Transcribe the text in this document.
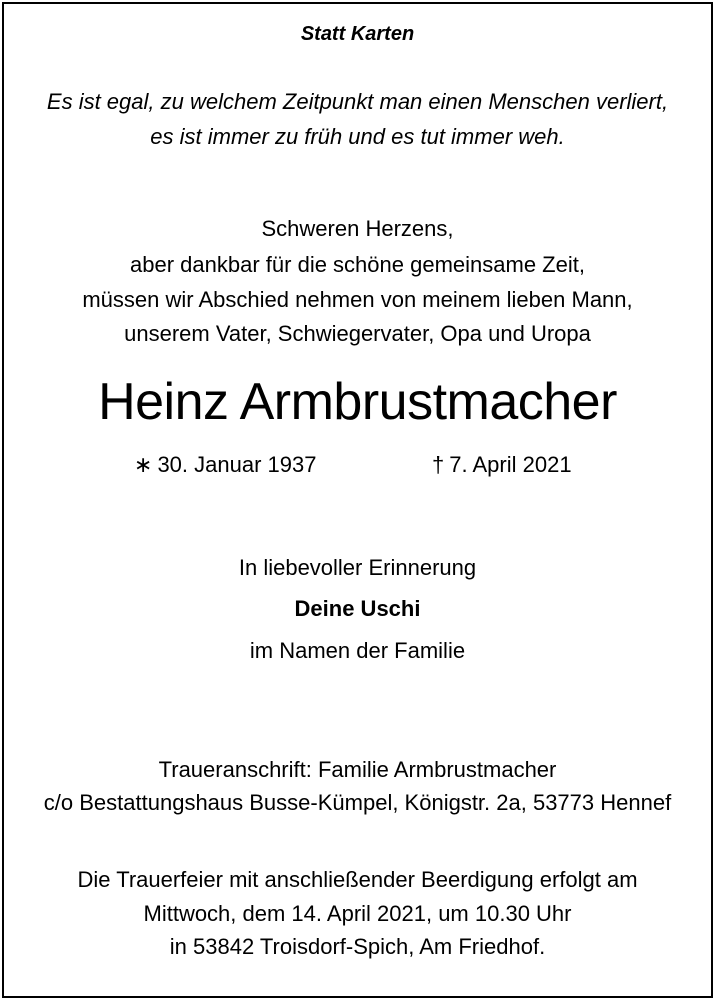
Statt Karten
Es ist egal, zu welchem Zeitpunkt man einen Menschen verliert,
es ist immer zu früh und es tut immer weh.
Schweren Herzens,
aber dankbar für die schöne gemeinsame Zeit,
müssen wir Abschied nehmen von meinem lieben Mann,
unserem Vater, Schwiegervater, Opa und Uropa
Heinz Armbrustmacher
∗ 30. Januar 1937	† 7. April 2021
In liebevoller Erinnerung
Deine Uschi
im Namen der Familie
Traueranschrift: Familie Armbrustmacher
c/o Bestattungshaus Busse-Kümpel, Königstr. 2a, 53773 Hennef
Die Trauerfeier mit anschließender Beerdigung erfolgt am
Mittwoch, dem 14. April 2021, um 10.30 Uhr
in 53842 Troisdorf-Spich, Am Friedhof.
